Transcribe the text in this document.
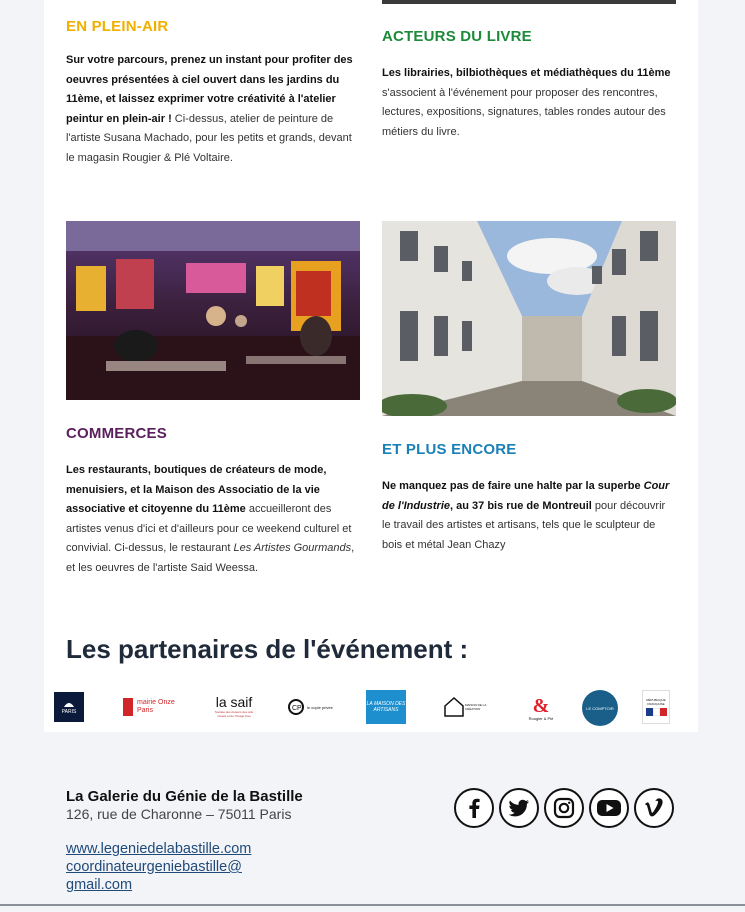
EN PLEIN-AIR
Sur votre parcours, prenez un instant pour profiter des oeuvres présentées à ciel ouvert dans les jardins du 11ème, et laissez exprimer votre créativité à l'atelier peintur en plein-air ! Ci-dessus, atelier de peinture de l'artiste Susana Machado, pour les petits et grands, devant le magasin Rougier & Plé Voltaire.
ACTEURS DU LIVRE
Les librairies, bilbiothèques et médiathèques du 11ème s'associent à l'événement pour proposer des rencontres, lectures, expositions, signatures, tables rondes autour des métiers du livre.
COMMERCES
Les restaurants, boutiques de créateurs de mode, menuisiers, et la Maison des Associatio de la vie associative et citoyenne du 11ème accueilleront des artistes venus d'ici et d'ailleurs pour ce weekend culturel et convivial. Ci-dessus, le restaurant Les Artistes Gourmands, et les oeuvres de l'artiste Said Weessa.
ET PLUS ENCORE
Ne manquez pas de faire une halte par la superbe Cour de l'Industrie, au 37 bis rue de Montreuil pour découvrir le travail des artistes et artisans, tels que le sculpteur de bois et métal Jean Chazy
Les partenaires de l'événement :
PARIS
mairie Onze Paris
la saif
Société des Auteurs des arts visuels et de l'Image Fixe
CP le cople privée	LA MAISON DES ARTISANS
MAISON DE LA CRÉATION	&
Rougier & Plé
LE COMPTOIR
RÉPUBLIQUE FRANÇAISE
La Galerie du Génie de la Bastille
126, rue de Charonne – 75011 Paris
www.legeniedelabastille.com
coordinateurgeniebastille@
gmail.com
